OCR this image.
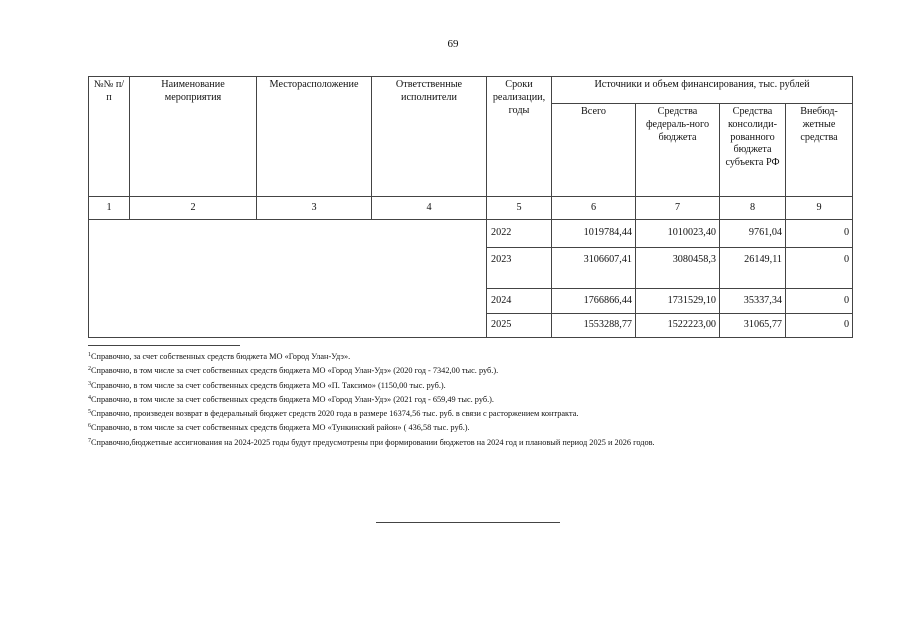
69
№№ п/п	Наименование мероприятия	Месторасположение	Ответственные исполнители	Сроки реализации, годы	Источники и объем финансирования, тыс. рублей			
					Всего	Средства федераль-ного бюджета	Средства консолиди-рованного бюджета субъекта РФ	Внебюд-жетные средства
1	2	3	4	5	6	7	8	9
				2022	1019784,44	1010023,40	9761,04	0
				2023	3106607,41	3080458,3	26149,11	0
				2024	1766866,44	1731529,10	35337,34	0
				2025	1553288,77	1522223,00	31065,77	0
$^1$Справочно, за счет собственных средств бюджета МО «Город Улан-Удэ».
$^2$Справочно, в том числе за счет собственных средств бюджета МО «Город Улан-Удэ» (2020 год - 7342,00 тыс. руб.).
$^3$Справочно, в том числе за счет собственных средств бюджета МО «П. Таксимо» (1150,00 тыс. руб.).
$^4$Справочно, в том числе за счет собственных средств бюджета МО «Город Улан-Удэ» (2021 год - 659,49 тыс. руб.).
$^5$Справочно, произведен возврат в федеральный бюджет средств 2020 года в размере 16374,56 тыс. руб. в связи с расторжением контракта.
$^6$Справочно, в том числе за счет собственных средств бюджета МО «Тункинский район» ( 436,58 тыс. руб.).
$^7$Справочно,бюджетные ассигнования на 2024-2025 годы будут предусмотрены при формировании бюджетов на 2024 год и плановый период 2025 и 2026 годов.
